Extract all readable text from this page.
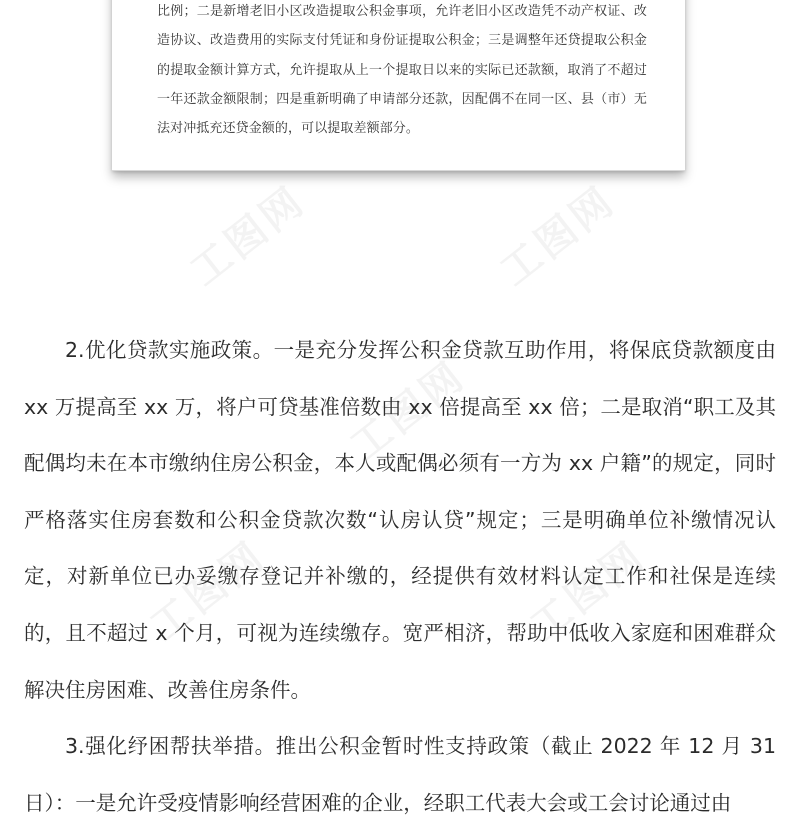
工图网	工图网
工图网
工图网	工图网

比例；二是新增老旧小区改造提取公积金事项，允许老旧小区改造凭不动产权证、改造协议、改造费用的实际支付凭证和身份证提取公积金；三是调整年还贷提取公积金的提取金额计算方式，允许提取从上一个提取日以来的实际已还款额，取消了不超过一年还款金额限制；四是重新明确了申请部分还款，因配偶不在同一区、县（市）无法对冲抵充还贷金额的，可以提取差额部分。

2.优化贷款实施政策。一是充分发挥公积金贷款互助作用，将保底贷款额度由 xx 万提高至 xx 万，将户可贷基准倍数由 xx 倍提高至 xx 倍；二是取消“职工及其配偶均未在本市缴纳住房公积金，本人或配偶必须有一方为 xx 户籍”的规定，同时严格落实住房套数和公积金贷款次数“认房认贷”规定；三是明确单位补缴情况认定，对新单位已办妥缴存登记并补缴的，经提供有效材料认定工作和社保是连续的，且不超过 x 个月，可视为连续缴存。宽严相济，帮助中低收入家庭和困难群众解决住房困难、改善住房条件。

3.强化纾困帮扶举措。推出公积金暂时性支持政策（截止 2022 年 12 月 31 日）：一是允许受疫情影响经营困难的企业，经职工代表大会或工会讨论通过由
